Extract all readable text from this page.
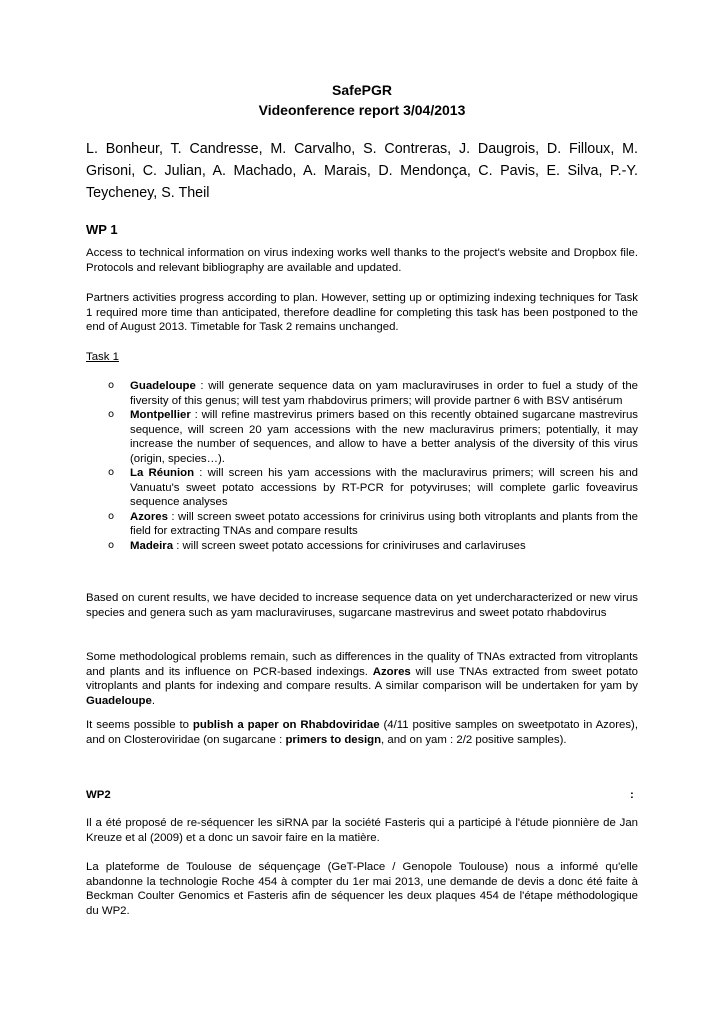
SafePGR
Videonference report 3/04/2013
L. Bonheur, T. Candresse, M. Carvalho, S. Contreras, J. Daugrois, D. Filloux, M. Grisoni, C. Julian, A. Machado, A. Marais, D. Mendonça, C. Pavis, E. Silva, P.-Y. Teycheney, S. Theil
WP 1
Access to technical information on virus indexing works well thanks to the project's website and Dropbox file. Protocols and relevant bibliography are available and updated.
Partners activities progress according to plan. However, setting up or optimizing indexing techniques for Task 1 required more time than anticipated, therefore deadline for completing this task has been postponed to the end of August 2013. Timetable for Task 2 remains unchanged.
Task 1
o Guadeloupe : will generate sequence data on yam macluraviruses in order to fuel a study of the fiversity of this genus; will test yam rhabdovirus primers; will provide partner 6 with BSV antisérum
o Montpellier : will refine mastrevirus primers based on this recently obtained sugarcane mastrevirus sequence, will screen 20 yam accessions with the new macluravirus primers; potentially, it may increase the number of sequences, and allow to have a better analysis of the diversity of this virus (origin, species…).
o La Réunion : will screen his yam accessions with the macluravirus primers; will screen his and Vanuatu's sweet potato accessions by RT-PCR for potyviruses; will complete garlic foveavirus sequence analyses
o Azores : will screen sweet potato accessions for crinivirus using both vitroplants and plants from the field for extracting TNAs and compare results
o Madeira : will screen sweet potato accessions for criniviruses and carlaviruses
Based on curent results, we have decided to increase sequence data on yet undercharacterized or new virus species and genera such as yam macluraviruses, sugarcane mastrevirus and sweet potato rhabdovirus
Some methodological problems remain, such as differences in the quality of TNAs extracted from vitroplants and plants and its influence on PCR-based indexings. Azores will use TNAs extracted from sweet potato vitroplants and plants for indexing and compare results. A similar comparison will be undertaken for yam by Guadeloupe.
It seems possible to publish a paper on Rhabdoviridae (4/11 positive samples on sweetpotato in Azores), and on Closteroviridae (on sugarcane : primers to design, and on yam : 2/2 positive samples).
WP2	:
Il a été proposé de re-séquencer les siRNA par la société Fasteris qui a participé à l'étude pionnière de Jan Kreuze et al (2009) et a donc un savoir faire en la matière.
La plateforme de Toulouse de séquençage (GeT-Place / Genopole Toulouse) nous a informé qu'elle abandonne la technologie Roche 454 à compter du 1er mai 2013, une demande de devis a donc été faite à Beckman Coulter Genomics et Fasteris afin de séquencer les deux plaques 454 de l'étape méthodologique du WP2.
